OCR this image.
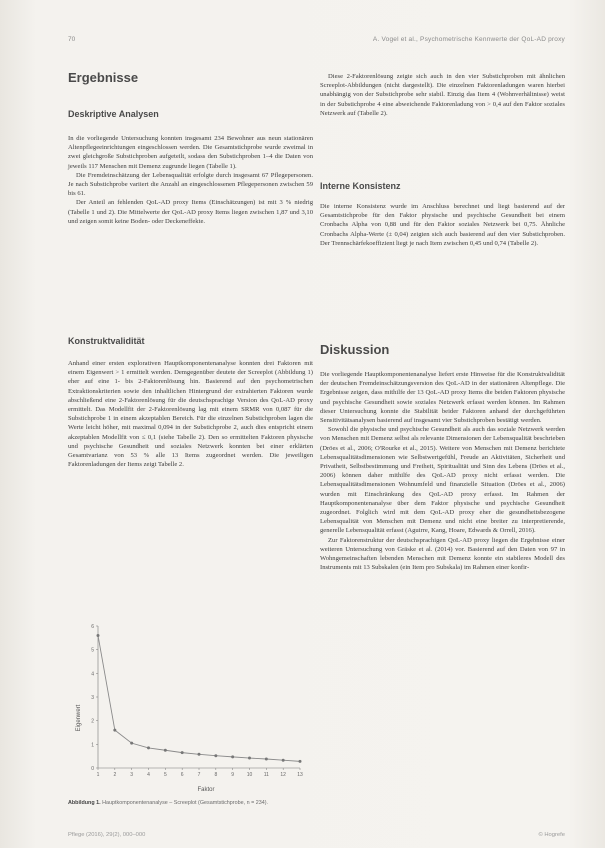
70	A. Vogel et al., Psychometrische Kennwerte der QoL-AD proxy
Ergebnisse
Deskriptive Analysen

In die vorliegende Untersuchung konnten insgesamt 234 Bewohner aus neun stationären Altenpflegeeinrichtungen eingeschlossen werden. Die Gesamtstichprobe wurde zweimal in zwei gleichgroße Substichproben aufgeteilt, sodass den Substichproben 1–4 die Daten von jeweils 117 Menschen mit Demenz zugrunde liegen (Tabelle 1).

Die Fremdeinschätzung der Lebensqualität erfolgte durch insgesamt 67 Pflegepersonen. Je nach Substichprobe variiert die Anzahl an eingeschlossenen Pflegepersonen zwischen 59 bis 61.

Der Anteil an fehlenden QoL-AD proxy Items (Einschätzungen) ist mit 3 % niedrig (Tabelle 1 und 2). Die Mittelwerte der QoL-AD proxy Items liegen zwischen 1,87 und 3,10 und zeigen somit keine Boden- oder Deckeneffekte.

Konstruktvalidität

Anhand einer ersten explorativen Hauptkomponentenanalyse konnten drei Faktoren mit einem Eigenwert > 1 ermittelt werden. Demgegenüber deutete der Screeplot (Abbildung 1) eher auf eine 1- bis 2-Faktorenlösung hin. Basierend auf den psychometrischen Extraktionskriterien sowie den inhaltlichen Hintergrund der extrahierten Faktoren wurde abschließend eine 2-Faktorenlösung für die deutschsprachige Version des QoL-AD proxy ermittelt. Das Modellfit der 2-Faktorenlösung lag mit einem SRMR von 0,087 für die Substichprobe 1 in einem akzeptablen Bereich. Für die einzelnen Substichproben lagen die Werte leicht höher, mit maximal 0,094 in der Substichprobe 2, auch dies entspricht einem akzeptablen Modellfit von ≤ 0,1 (siehe Tabelle 2). Den so ermittelten Faktoren physische und psychische Gesundheit und soziales Netzwerk konnten bei einer erklärten Gesamtvarianz von 53 % alle 13 Items zugeordnet werden. Die jeweiligen Faktorenladungen der Items zeigt Tabelle 2.

0
1
2
3
4
5
6
1	2	3	4	5	6	7	8	9	10 11 12 13
Eigenwert
Faktor
Abbildung 1. Hauptkomponentenanalyse – Screeplot (Gesamtstichprobe, n = 234).

Diese 2-Faktorenlösung zeigte sich auch in den vier Substichproben mit ähnlichen Screeplot-Abbildungen (nicht dargestellt). Die einzelnen Faktorenladungen waren hierbei unabhängig von der Substichprobe sehr stabil. Einzig das Item 4 (Wohnverhältnisse) weist in der Substichprobe 4 eine abweichende Faktorenladung von > 0,4 auf den Faktor soziales Netzwerk auf (Tabelle 2).

Interne Konsistenz

Die interne Konsistenz wurde im Anschluss berechnet und liegt basierend auf der Gesamtstichprobe für den Faktor physische und psychische Gesundheit bei einem Cronbachs Alpha von 0,88 und für den Faktor soziales Netzwerk bei 0,75. Ähnliche Cronbachs Alpha-Werte (± 0,04) zeigten sich auch basierend auf den vier Substichproben. Der Trennschärfekoeffizient liegt je nach Item zwischen 0,45 und 0,74 (Tabelle 2).

Diskussion

Die vorliegende Hauptkomponentenanalyse liefert erste Hinweise für die Konstruktvalidität der deutschen Fremdeinschätzungsversion des QoL-AD in der stationären Altenpflege. Die Ergebnisse zeigen, dass mithilfe der 13 QoL-AD proxy Items die beiden Faktoren physische und psychische Gesundheit sowie soziales Netzwerk erfasst werden können. Im Rahmen dieser Untersuchung konnte die Stabilität beider Faktoren anhand der durchgeführten Sensitivitätsanalysen basierend auf insgesamt vier Substichproben bestätigt werden.

Sowohl die physische und psychische Gesundheit als auch das soziale Netzwerk werden von Menschen mit Demenz selbst als relevante Dimensionen der Lebensqualität beschrieben (Dröes et al., 2006; O'Rourke et al., 2015). Weitere von Menschen mit Demenz berichtete Lebensqualitätsdimensionen wie Selbstwertgefühl, Freude an Aktivitäten, Sicherheit und Privatheit, Selbstbestimmung und Freiheit, Spiritualität und Sinn des Lebens (Dröes et al., 2006) können daher mithilfe des QoL-AD proxy nicht erfasst werden. Die Lebensqualitätsdimensionen Wohnumfeld und finanzielle Situation (Dröes et al., 2006) wurden mit Einschränkung des QoL-AD proxy erfasst. Im Rahmen der Hauptkomponentenanalyse über dem Faktor physische und psychische Gesundheit zugeordnet. Folglich wird mit dem QoL-AD proxy eher die gesundheitsbezogene Lebensqualität von Menschen mit Demenz und nicht eine breiter zu interpretierende, generelle Lebensqualität erfasst (Aguirre, Kang, Hoare, Edwards & Orrell, 2016).

Zur Faktorenstruktur der deutschsprachigen QoL-AD proxy liegen die Ergebnisse einer weiteren Untersuchung von Gräske et al. (2014) vor. Basierend auf den Daten von 97 in Wohngemeinschaften lebenden Menschen mit Demenz konnte ein stabileres Modell des Instruments mit 13 Subskalen (ein Item pro Subskala) im Rahmen einer konfir-

Pflege (2016), 29(2), 000–000	© Hogrefe
